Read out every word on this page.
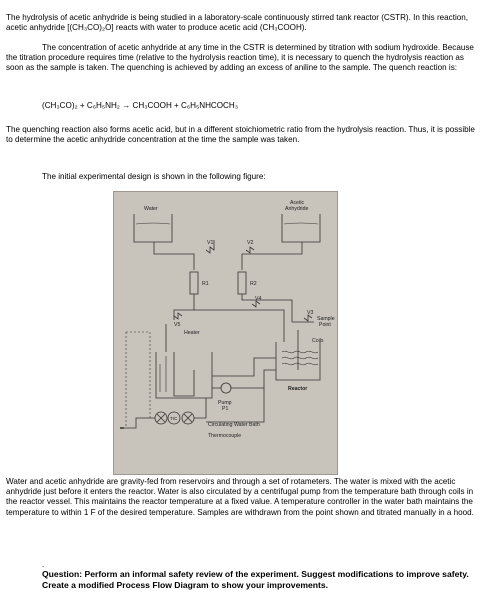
The hydrolysis of acetic anhydride is being studied in a laboratory-scale continuously stirred tank reactor (CSTR). In this reaction, acetic anhydride [(CH₃CO)₂O] reacts with water to produce acetic acid (CH₃COOH).

The concentration of acetic anhydride at any time in the CSTR is determined by titration with sodium hydroxide. Because the titration procedure requires time (relative to the hydrolysis reaction time), it is necessary to quench the hydrolysis reaction as soon as the sample is taken. The quenching is achieved by adding an excess of aniline to the sample. The quench reaction is:

(CH₃CO)₂ + C₆H₅NH₂ → CH₃COOH + C₆H₅NHCOCH₃

The quenching reaction also forms acetic acid, but in a different stoichiometric ratio from the hydrolysis reaction. Thus, it is possible to determine the acetic anhydride concentration at the time the sample was taken.

The initial experimental design is shown in the following figure:

Water
Acetic
Anhydride
V1	V2
R1	R2
V4
V3
V5
Sample
Point
Heater
Coils
Reactor
Pump
P1
TIC
Circulating Water Bath
Thermocouple

Water and acetic anhydride are gravity-fed from reservoirs and through a set of rotameters. The water is mixed with the acetic anhydride just before it enters the reactor. Water is also circulated by a centrifugal pump from the temperature bath through coils in the reactor vessel. This maintains the reactor temperature at a fixed value. A temperature controller in the water bath maintains the temperature to within 1 F of the desired temperature. Samples are withdrawn from the point shown and titrated manually in a hood.

.
Question: Perform an informal safety review of the experiment. Suggest modifications to improve safety. Create a modified Process Flow Diagram to show your improvements.
